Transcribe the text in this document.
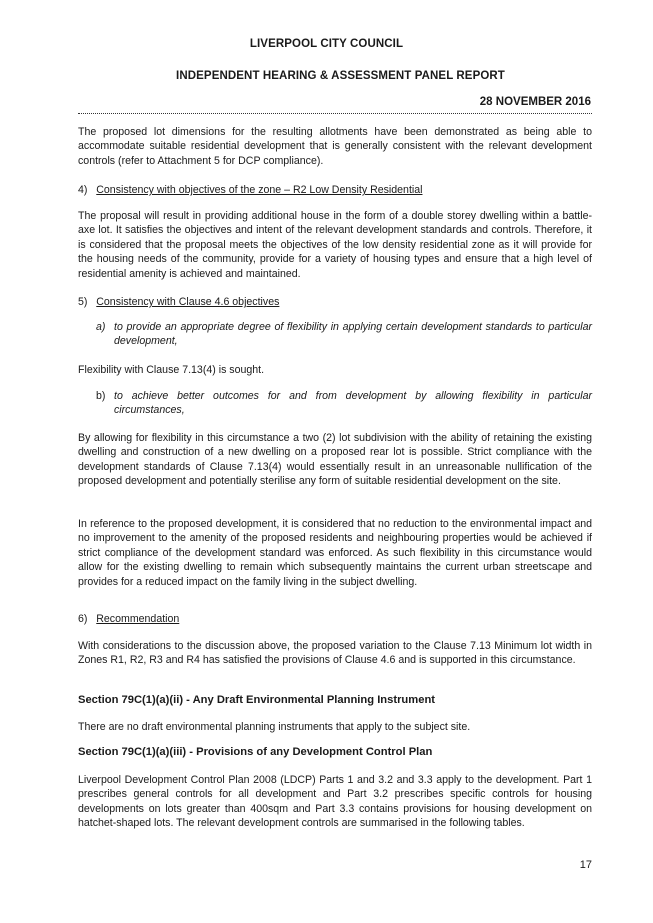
LIVERPOOL CITY COUNCIL
INDEPENDENT HEARING & ASSESSMENT PANEL REPORT
28 NOVEMBER 2016

The proposed lot dimensions for the resulting allotments have been demonstrated as being able to accommodate suitable residential development that is generally consistent with the relevant development controls (refer to Attachment 5 for DCP compliance).

4) Consistency with objectives of the zone – R2 Low Density Residential

The proposal will result in providing additional house in the form of a double storey dwelling within a battle-axe lot. It satisfies the objectives and intent of the relevant development standards and controls. Therefore, it is considered that the proposal meets the objectives of the low density residential zone as it will provide for the housing needs of the community, provide for a variety of housing types and ensure that a high level of residential amenity is achieved and maintained.

5) Consistency with Clause 4.6 objectives
a) to provide an appropriate degree of flexibility in applying certain development standards to particular development,

Flexibility with Clause 7.13(4) is sought.

b) to achieve better outcomes for and from development by allowing flexibility in particular circumstances,

By allowing for flexibility in this circumstance a two (2) lot subdivision with the ability of retaining the existing dwelling and construction of a new dwelling on a proposed rear lot is possible. Strict compliance with the development standards of Clause 7.13(4) would essentially result in an unreasonable nullification of the proposed development and potentially sterilise any form of suitable residential development on the site.

In reference to the proposed development, it is considered that no reduction to the environmental impact and no improvement to the amenity of the proposed residents and neighbouring properties would be achieved if strict compliance of the development standard was enforced. As such flexibility in this circumstance would allow for the existing dwelling to remain which subsequently maintains the current urban streetscape and provides for a reduced impact on the family living in the subject dwelling.

6) Recommendation

With considerations to the discussion above, the proposed variation to the Clause 7.13 Minimum lot width in Zones R1, R2, R3 and R4 has satisfied the provisions of Clause 4.6 and is supported in this circumstance.

Section 79C(1)(a)(ii) - Any Draft Environmental Planning Instrument

There are no draft environmental planning instruments that apply to the subject site.

Section 79C(1)(a)(iii) - Provisions of any Development Control Plan

Liverpool Development Control Plan 2008 (LDCP) Parts 1 and 3.2 and 3.3 apply to the development. Part 1 prescribes general controls for all development and Part 3.2 prescribes specific controls for housing developments on lots greater than 400sqm and Part 3.3 contains provisions for housing development on hatchet-shaped lots. The relevant development controls are summarised in the following tables.

17
